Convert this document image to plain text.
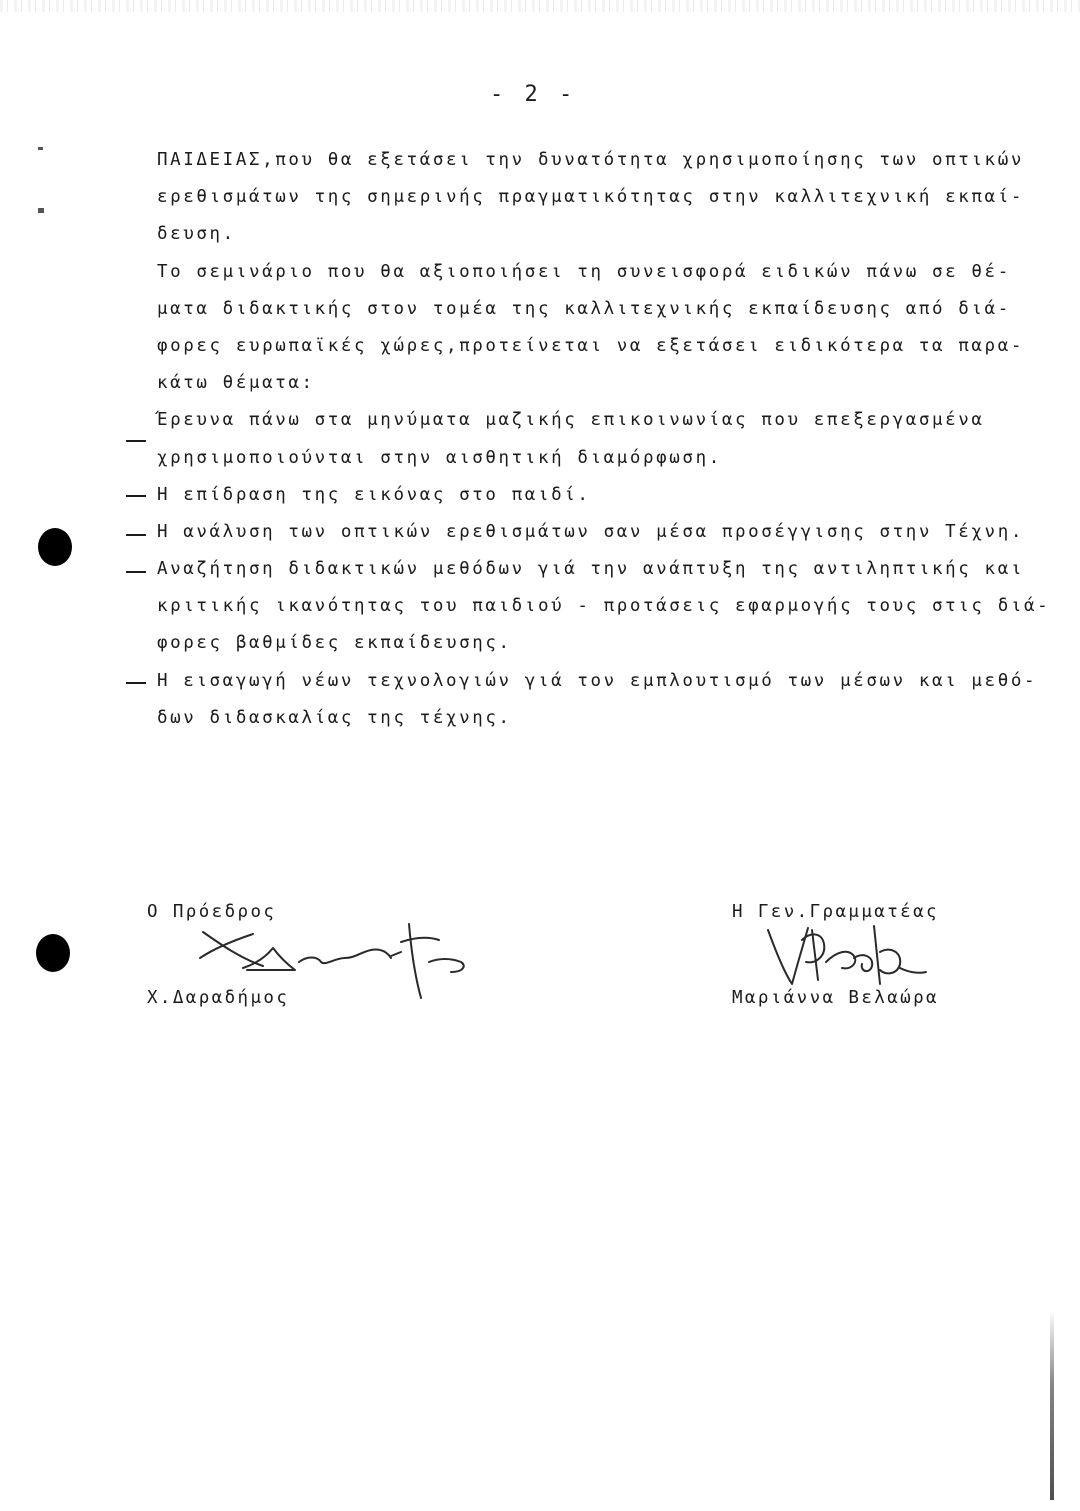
- 2 -
ΠΑΙΔΕΙΑΣ,που θα εξετάσει την δυνατότητα χρησιμοποίησης των οπτικών
ερεθισμάτων της σημερινής πραγματικότητας στην καλλιτεχνική εκπαί-
δευση.
Το σεμινάριο που θα αξιοποιήσει τη συνεισφορά ειδικών πάνω σε θέ-
ματα διδακτικής στον τομέα της καλλιτεχνικής εκπαίδευσης από διά-
φορες ευρωπαϊκές χώρες,προτείνεται να εξετάσει ειδικότερα τα παρα-
κάτω θέματα:
Έρευνα πάνω στα μηνύματα μαζικής επικοινωνίας που επεξεργασμένα
χρησιμοποιούνται στην αισθητική διαμόρφωση.
Η επίδραση της εικόνας στο παιδί.
Η ανάλυση των οπτικών ερεθισμάτων σαν μέσα προσέγγισης στην Τέχνη.
Αναζήτηση διδακτικών μεθόδων γιά την ανάπτυξη της αντιληπτικής και
κριτικής ικανότητας του παιδιού - προτάσεις εφαρμογής τους στις διά-
φορες βαθμίδες εκπαίδευσης.
Η εισαγωγή νέων τεχνολογιών γιά τον εμπλουτισμό των μέσων και μεθό-
δων διδασκαλίας της τέχνης.
Ο Πρόεδρος
Χ.Δαραδήμος
Η Γεν.Γραμματέας
Μαριάννα Βελαώρα
